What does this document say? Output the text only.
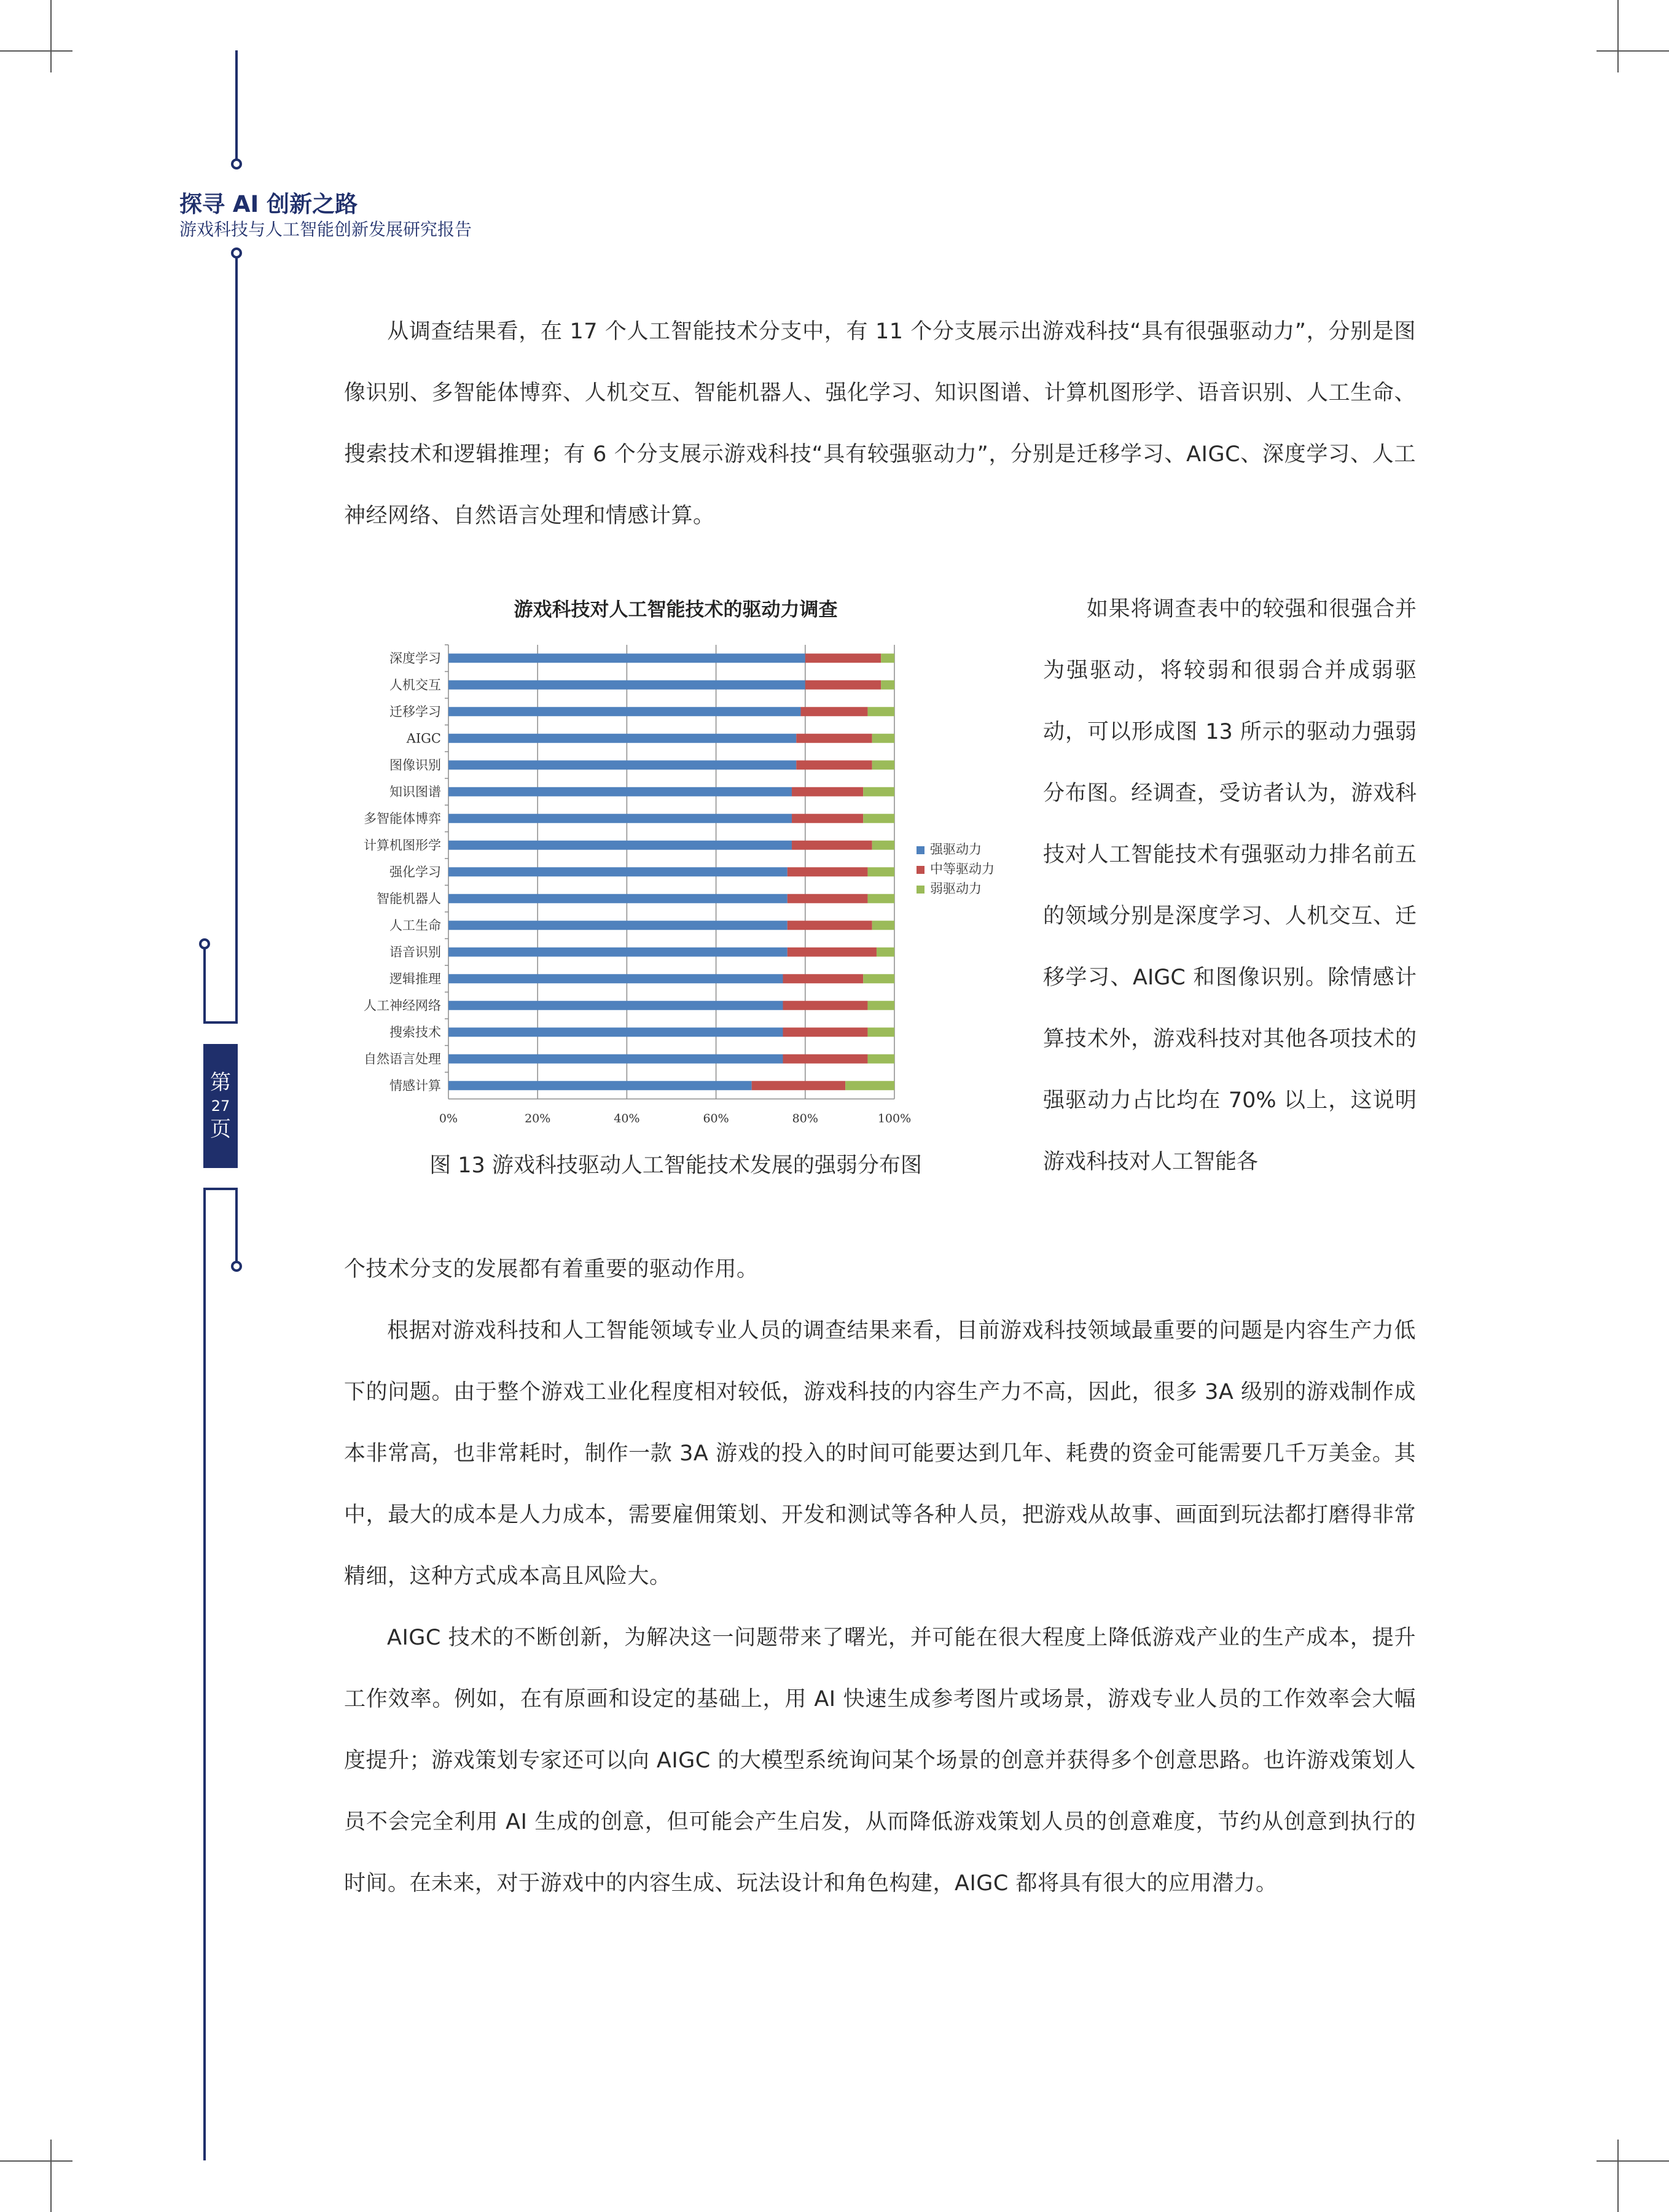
探寻 AI 创新之路
游戏科技与人工智能创新发展研究报告
第
27
页
从调查结果看，在 17 个人工智能技术分支中，有 11 个分支展示出游戏科技“具有很强驱动力”，分别是图像识别、多智能体博弈、人机交互、智能机器人、强化学习、知识图谱、计算机图形学、语音识别、人工生命、搜索技术和逻辑推理；有 6 个分支展示游戏科技“具有较强驱动力”，分别是迁移学习、AIGC、深度学习、人工神经网络、自然语言处理和情感计算。
游戏科技对人工智能技术的驱动力调查
0%	20%	40%	60%	80%	100%
深度学习
人机交互
迁移学习
AIGC
图像识别
知识图谱
多智能体博弈
计算机图形学
强化学习
智能机器人
人工生命
语音识别
逻辑推理
人工神经网络
搜索技术
自然语言处理
情感计算
强驱动力
中等驱动力
弱驱动力
图 13 游戏科技驱动人工智能技术发展的强弱分布图
如果将调查表中的较强和很强合并为强驱动，将较弱和很弱合并成弱驱动，可以形成图 13 所示的驱动力强弱分布图。经调查，受访者认为，游戏科技对人工智能技术有强驱动力排名前五的领域分别是深度学习、人机交互、迁移学习、AIGC 和图像识别。除情感计算技术外，游戏科技对其他各项技术的强驱动力占比均在 70% 以上，这说明游戏科技对人工智能各
个技术分支的发展都有着重要的驱动作用。
根据对游戏科技和人工智能领域专业人员的调查结果来看，目前游戏科技领域最重要的问题是内容生产力低下的问题。由于整个游戏工业化程度相对较低，游戏科技的内容生产力不高，因此，很多 3A 级别的游戏制作成本非常高，也非常耗时，制作一款 3A 游戏的投入的时间可能要达到几年、耗费的资金可能需要几千万美金。其中，最大的成本是人力成本，需要雇佣策划、开发和测试等各种人员，把游戏从故事、画面到玩法都打磨得非常精细，这种方式成本高且风险大。
AIGC 技术的不断创新，为解决这一问题带来了曙光，并可能在很大程度上降低游戏产业的生产成本，提升工作效率。例如，在有原画和设定的基础上，用 AI 快速生成参考图片或场景，游戏专业人员的工作效率会大幅度提升；游戏策划专家还可以向 AIGC 的大模型系统询问某个场景的创意并获得多个创意思路。也许游戏策划人员不会完全利用 AI 生成的创意，但可能会产生启发，从而降低游戏策划人员的创意难度，节约从创意到执行的时间。在未来，对于游戏中的内容生成、玩法设计和角色构建，AIGC 都将具有很大的应用潜力。
